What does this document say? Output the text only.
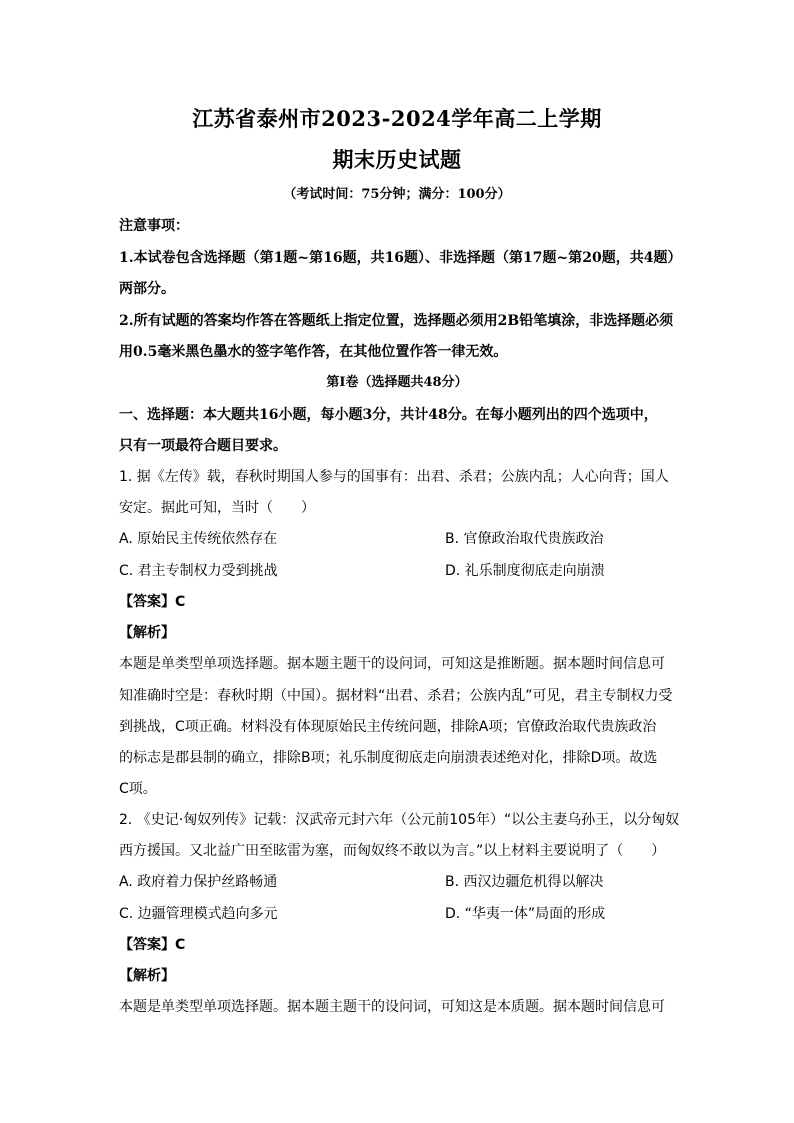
江苏省泰州市2023-2024学年高二上学期
期末历史试题
（考试时间：75分钟；满分：100分）
注意事项：
1.本试卷包含选择题（第1题~第16题，共16题）、非选择题（第17题~第20题，共4题）
两部分。
2.所有试题的答案均作答在答题纸上指定位置，选择题必须用2B铅笔填涂，非选择题必须
用0.5毫米黑色墨水的签字笔作答，在其他位置作答一律无效。
第Ⅰ卷（选择题共48分）
一、选择题：本大题共16小题，每小题3分，共计48分。在每小题列出的四个选项中，
只有一项最符合题目要求。
1. 据《左传》载，春秋时期国人参与的国事有：出君、杀君；公族内乱；人心向背；国人
安定。据此可知，当时（　　）
A. 原始民主传统依然存在	B. 官僚政治取代贵族政治
C. 君主专制权力受到挑战	D. 礼乐制度彻底走向崩溃
【答案】C
【解析】
本题是单类型单项选择题。据本题主题干的设问词，可知这是推断题。据本题时间信息可
知准确时空是：春秋时期（中国）。据材料“出君、杀君；公族内乱”可见，君主专制权力受
到挑战，C项正确。材料没有体现原始民主传统问题，排除A项；官僚政治取代贵族政治
的标志是郡县制的确立，排除B项；礼乐制度彻底走向崩溃表述绝对化，排除D项。故选
C项。
2. 《史记·匈奴列传》记载：汉武帝元封六年（公元前105年）“以公主妻乌孙王，以分匈奴
西方援国。又北益广田至眩雷为塞，而匈奴终不敢以为言。”以上材料主要说明了（　　）
A. 政府着力保护丝路畅通	B. 西汉边疆危机得以解决
C. 边疆管理模式趋向多元	D. “华夷一体”局面的形成
【答案】C
【解析】
本题是单类型单项选择题。据本题主题干的设问词，可知这是本质题。据本题时间信息可
